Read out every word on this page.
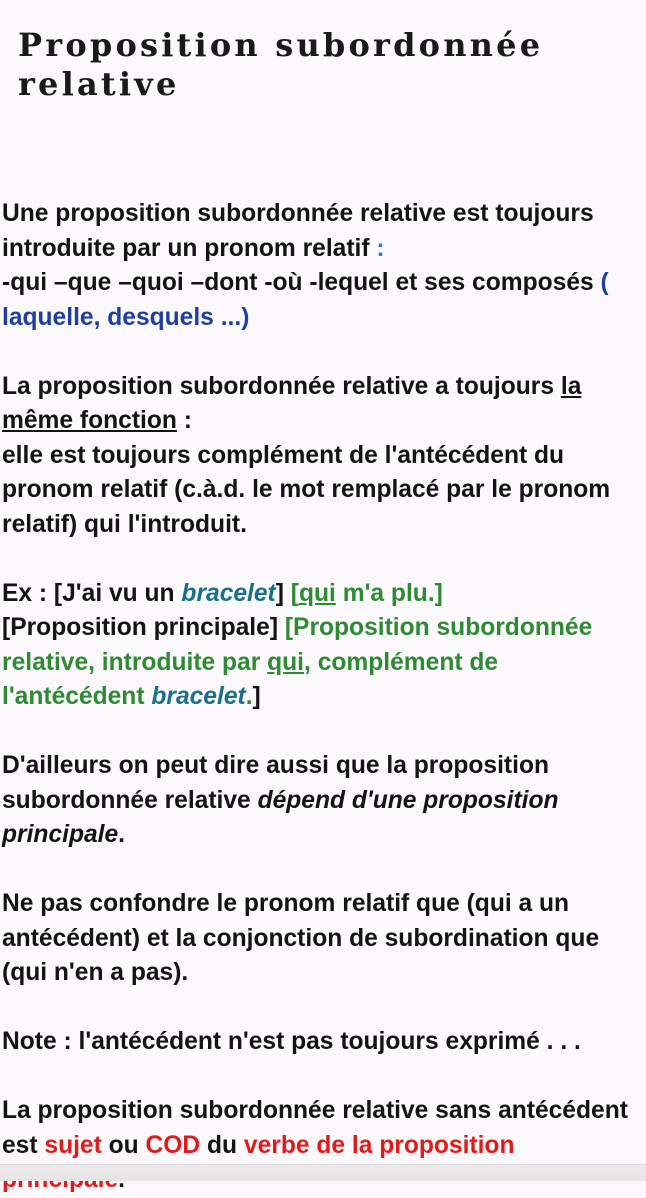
Proposition subordonnée
relative

Une proposition subordonnée relative est toujours introduite par un pronom relatif :
-qui –que –quoi –dont -où -lequel et ses composés ( laquelle, desquels ...)

La proposition subordonnée relative a toujours la même fonction :
elle est toujours complément de l'antécédent du pronom relatif (c.à.d. le mot remplacé par le pronom relatif) qui l'introduit.

Ex : [J'ai vu un bracelet] [qui m'a plu.]
[Proposition principale] [Proposition subordonnée relative, introduite par qui, complément de l'antécédent bracelet.]

D'ailleurs on peut dire aussi que la proposition subordonnée relative dépend d'une proposition principale.

Ne pas confondre le pronom relatif que (qui a un antécédent) et la conjonction de subordination que (qui n'en a pas).

Note : l'antécédent n'est pas toujours exprimé . . .

La proposition subordonnée relative sans antécédent est sujet ou COD du verbe de la proposition
